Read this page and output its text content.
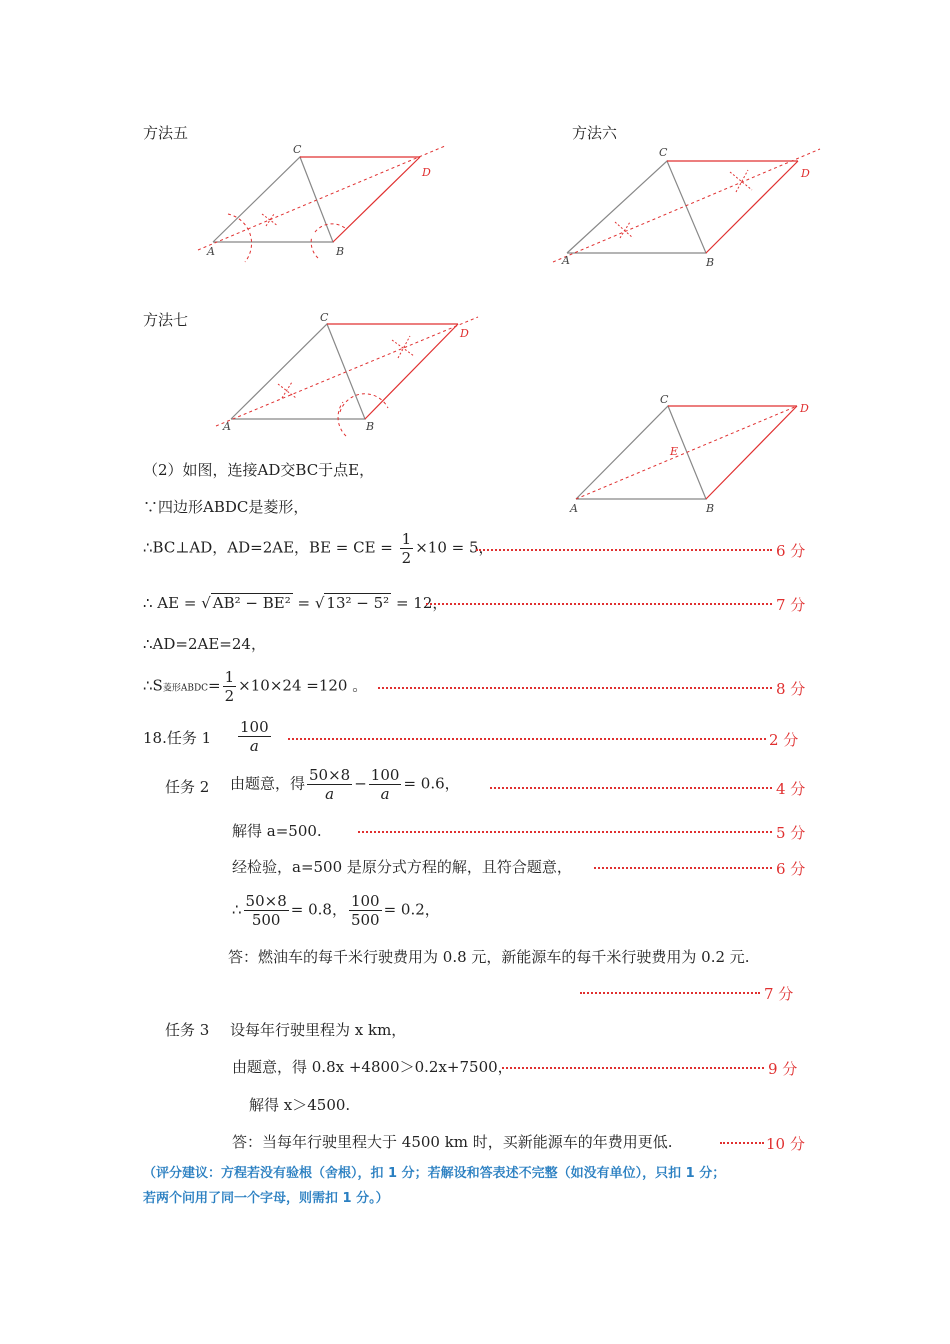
方法五	方法六
方法七
A	B
C
D
A	B
C
D
A	B
C
D
A	B
C
D
E
（2）如图，连接AD交BC于点E，
∵四边形ABDC是菱形，
∴BC⊥AD，AD=2AE，BE = CE = $\frac{1}{2} \times 10 = 5$，	6 分
∴ AE = √ AB² − BE² = √ 13² − 5² = 12，	7 分
∴AD=2AE=24，
∴S菱形ABDC= $\frac{1}{2} \times 10\times 24 =120$ 。	8 分
18.任务 $1 \frac{100}{a}$	2 分
任务 2 由题意，得 $\frac{50\times 8}{a} - \frac{100}{a} = 0.6$，	4 分
解得 a=500.	5 分
经检验，a=500 是原分式方程的解，且符合题意，	6 分
∴ $\frac{50\times 8}{500} = 0.8$， $\frac{100}{500} = 0.2$，
答：燃油车的每千米行驶费用为 0.8 元，新能源车的每千米行驶费用为 0.2 元.
7 分
任务 3 设每年行驶里程为 x km，
由题意，得 0.8x +4800＞0.2x+7500，	9 分
解得 x＞4500.
答：当每年行驶里程大于 4500 km 时，买新能源车的年费用更低.	10 分
（评分建议：方程若没有验根（舍根），扣 1 分；若解设和答表述不完整（如没有单位），只扣 1 分；
若两个问用了同一个字母，则需扣 1 分。）
